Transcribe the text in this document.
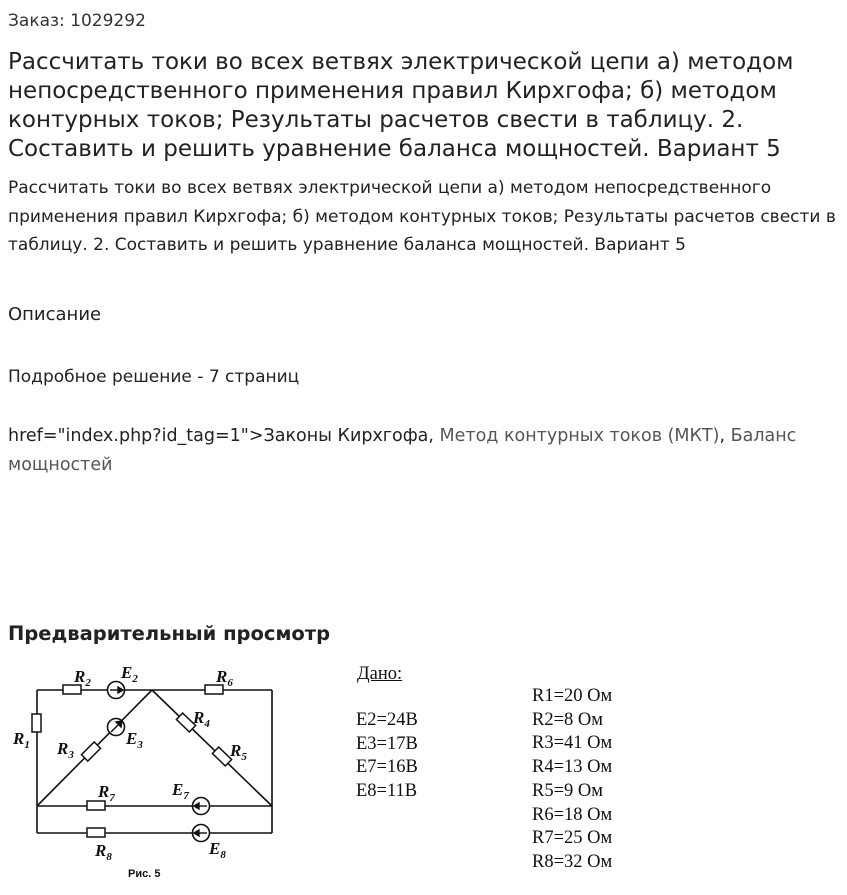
Заказ: 1029292
Рассчитать токи во всех ветвях электрической цепи а) методом непосредственного применения правил Кирхгофа; б) методом контурных токов; Результаты расчетов свести в таблицу. 2. Составить и решить уравнение баланса мощностей. Вариант 5

Рассчитать токи во всех ветвях электрической цепи а) методом непосредственного применения правил Кирхгофа; б) методом контурных токов; Результаты расчетов свести в таблицу. 2. Составить и решить уравнение баланса мощностей. Вариант 5

Описание
Подробное решение - 7 страниц
href="index.php?id_tag=1">Законы Кирхгофа, Метод контурных токов (МКТ), Баланс мощностей
Предварительный просмотр
$R_2$
$E_2$	$R_6$
$R_1$ $R_3$
$E_3$
$R_4$
$R_5$
$R_7$	$E_7$
$R_8$	$E_8$
Рис. 5
Дано:
E2=24В
E3=17В
E7=16В
E8=11В
R1=20 Ом
R2=8 Ом
R3=41 Ом
R4=13 Ом
R5=9 Ом
R6=18 Ом
R7=25 Ом
R8=32 Ом
